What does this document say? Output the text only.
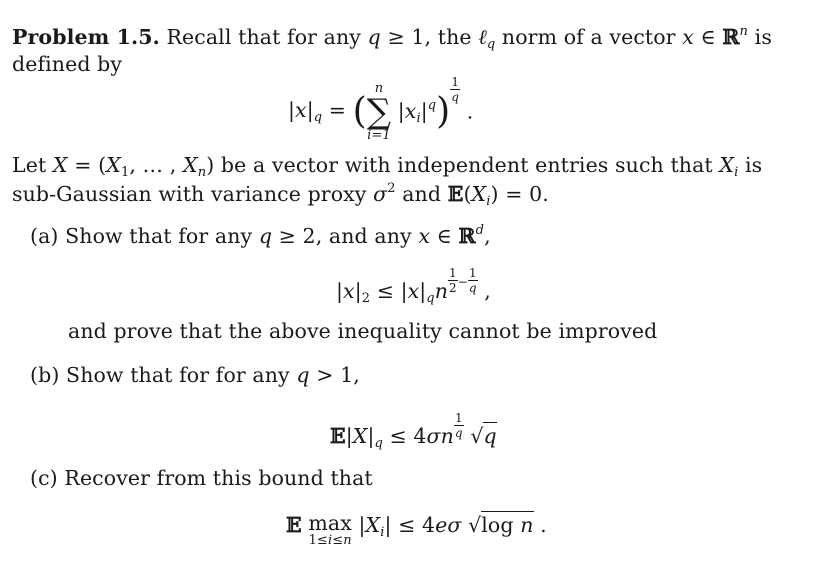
Problem 1.5. Recall that for any q ≥ 1, the ℓ$_q$ norm of a vector x ∈ ℝ$^n$ is
defined by
$|x|_q$ = (
n
∑
i=1
$|x_i|^q$)
$\frac{1}{q}$
.
Let $X = (X_1$, … , $X_n$) be a vector with independent entries such that $X_i$ is
sub-Gaussian with variance proxy $\sigma^2$ and $𝔼(X_i) = 0$.
(a) Show that for any q ≥ 2, and any x ∈ ℝ$^d$,
$|x|_2 \le |x|_qn \frac{1}{2} - \frac{1}{q}$ ,
and prove that the above inequality cannot be improved
(b) Show that for for any q > 1,
$𝔼|X|_q \le 4\sigma n \frac{1}{q} √q$
(c) Recover from this bound that
𝔼 max
1≤i≤n
$|X_i| \le 4e\sigma$ √log n .
